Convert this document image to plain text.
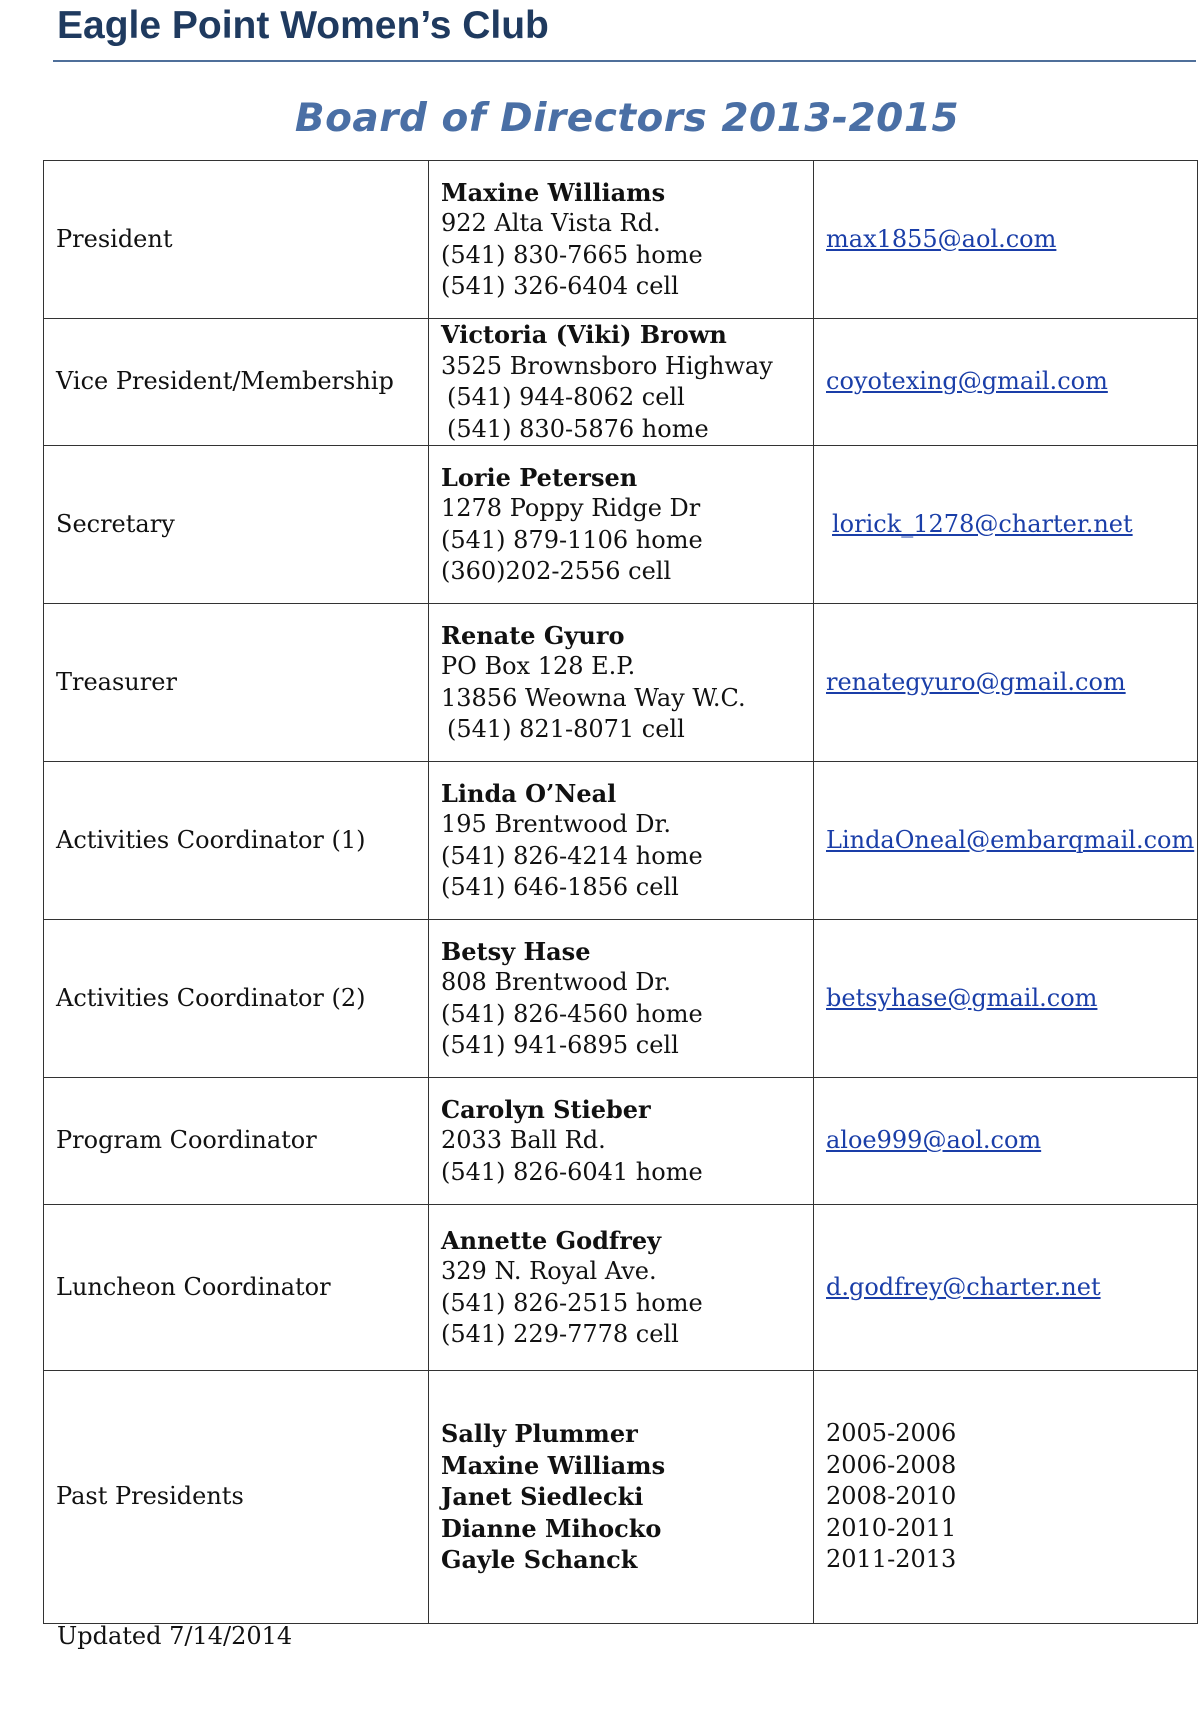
Eagle Point Women’s Club
Board of Directors 2013-2015
President	Maxine Williams
922 Alta Vista Rd.
(541) 830-7665 home
(541) 326-6404 cell	max1855@aol.com
Vice President/Membership	Victoria (Viki) Brown
3525 Brownsboro Highway
(541) 944-8062 cell
(541) 830-5876 home	coyotexing@gmail.com
Secretary	Lorie Petersen
1278 Poppy Ridge Dr
(541) 879-1106 home
(360)202-2556 cell	lorick_1278@charter.net
Treasurer	Renate Gyuro
PO Box 128 E.P.
13856 Weowna Way W.C.
(541) 821-8071 cell	renategyuro@gmail.com
Activities Coordinator (1)	Linda O’Neal
195 Brentwood Dr.
(541) 826-4214 home
(541) 646-1856 cell	LindaOneal@embarqmail.com
Activities Coordinator (2)	Betsy Hase
808 Brentwood Dr.
(541) 826-4560 home
(541) 941-6895 cell	betsyhase@gmail.com
Program Coordinator	Carolyn Stieber
2033 Ball Rd.
(541) 826-6041 home	aloe999@aol.com
Luncheon Coordinator	Annette Godfrey
329 N. Royal Ave.
(541) 826-2515 home
(541) 229-7778 cell	d.godfrey@charter.net
Past Presidents	Sally Plummer
Maxine Williams
Janet Siedlecki
Dianne Mihocko
Gayle Schanck	2005-2006
2006-2008
2008-2010
2010-2011
2011-2013
Updated 7/14/2014
